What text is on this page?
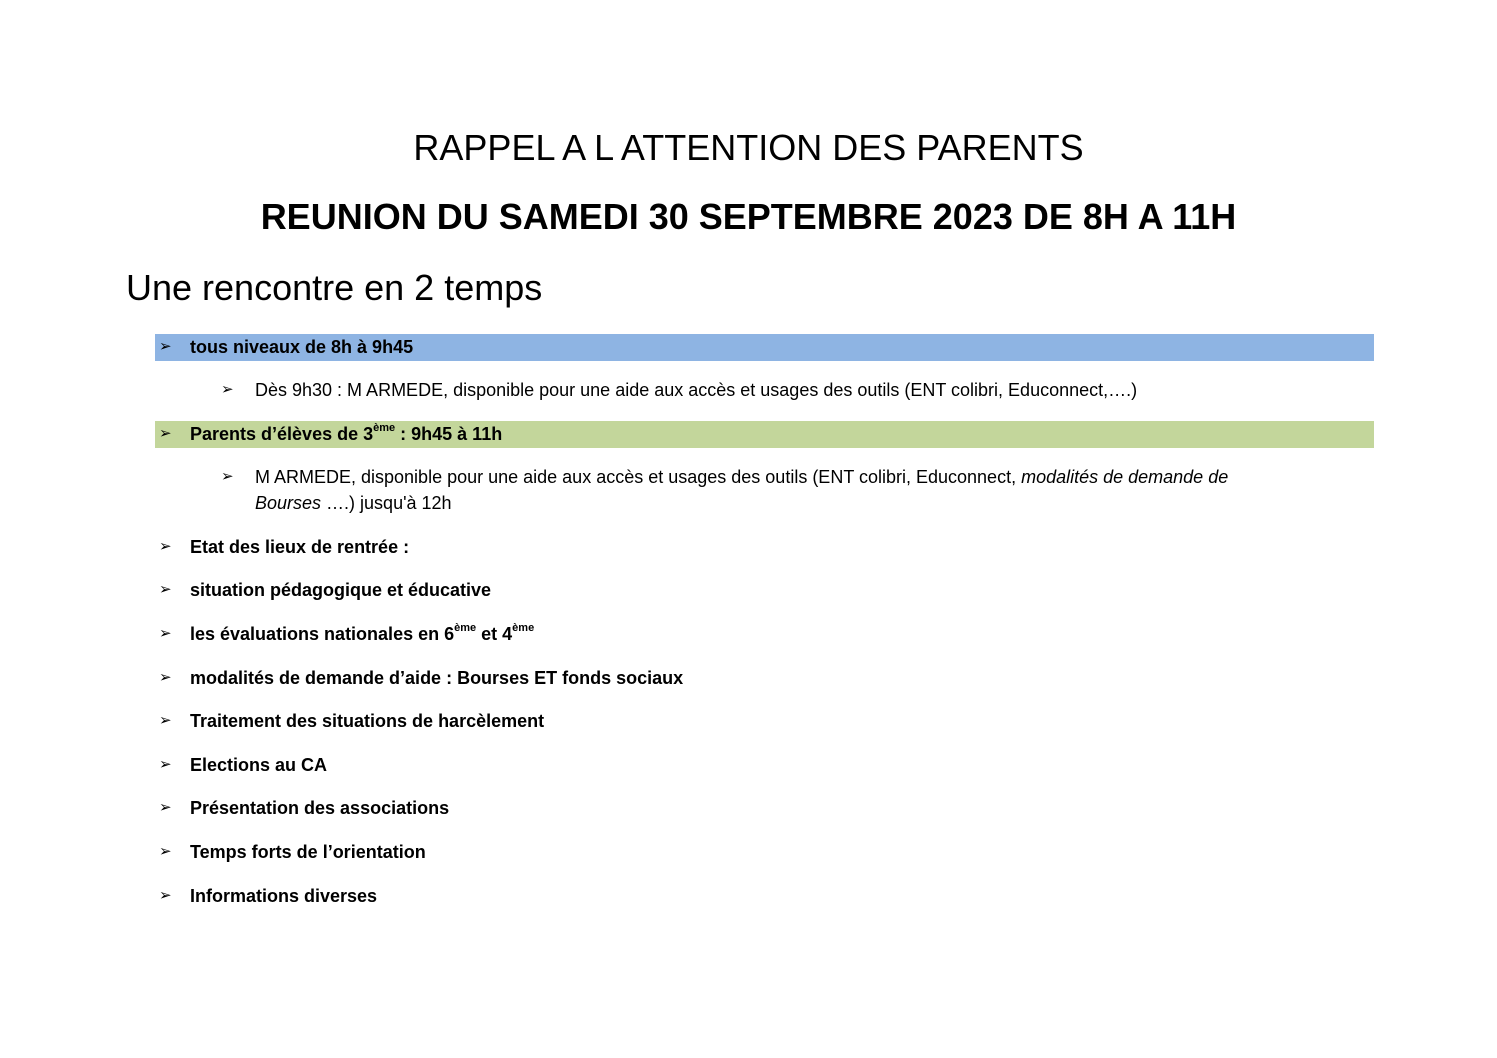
RAPPEL A L ATTENTION DES PARENTS
REUNION DU SAMEDI 30 SEPTEMBRE 2023 DE 8H A 11H
Une rencontre en 2 temps
➢ tous niveaux de 8h à 9h45
➢ Dès 9h30 : M ARMEDE, disponible pour une aide aux accès et usages des outils (ENT colibri, Educonnect,….)
➢ Parents d’élèves de 3ème : 9h45 à 11h
➢ M ARMEDE, disponible pour une aide aux accès et usages des outils (ENT colibri, Educonnect, modalités de demande de
Bourses ….) jusqu'à 12h
➢ Etat des lieux de rentrée :
➢ situation pédagogique et éducative
➢ les évaluations nationales en 6ème et 4ème
➢ modalités de demande d’aide : Bourses ET fonds sociaux
➢ Traitement des situations de harcèlement
➢ Elections au CA
➢ Présentation des associations
➢ Temps forts de l’orientation
➢ Informations diverses
